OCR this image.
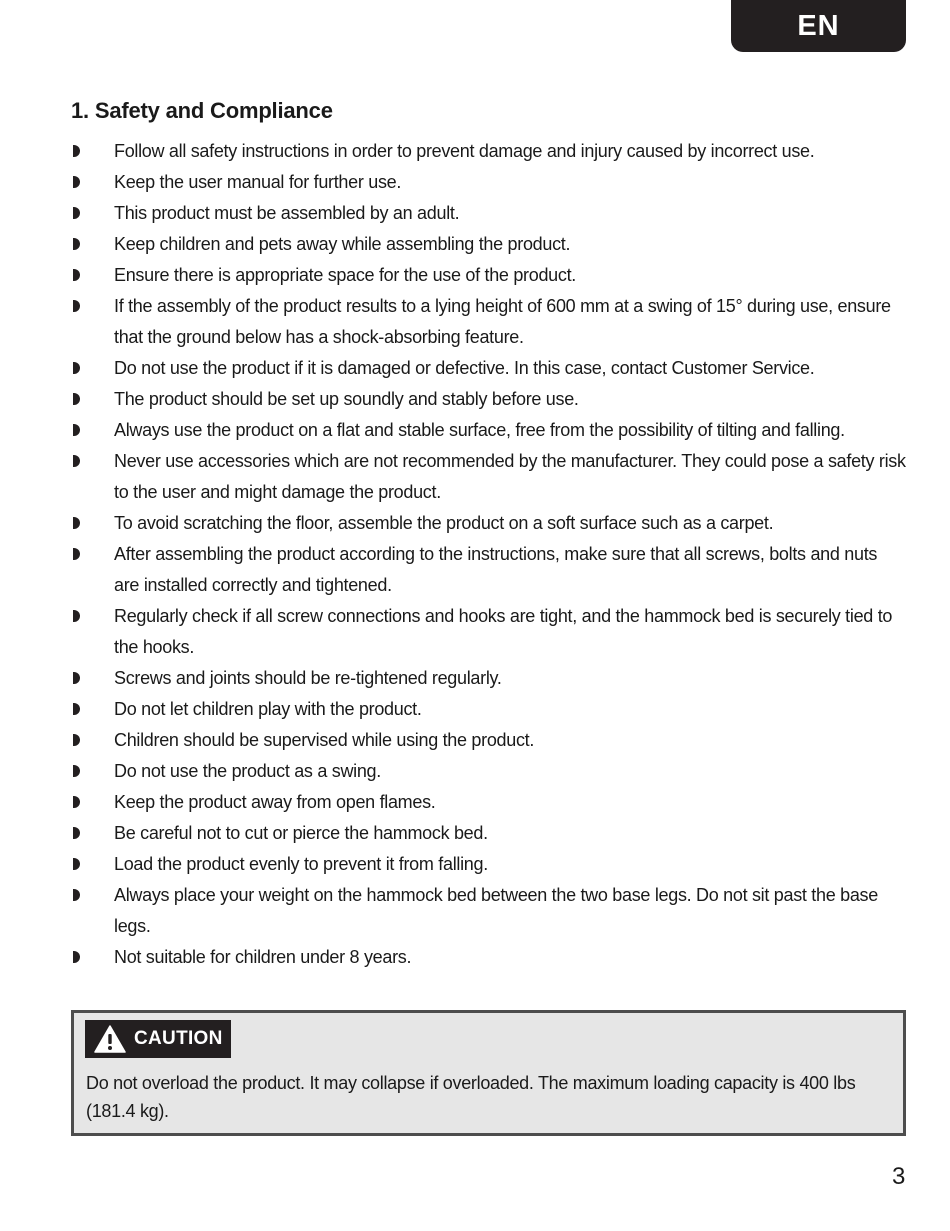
EN
1. Safety and Compliance
Follow all safety instructions in order to prevent damage and injury caused by incorrect use.
Keep the user manual for further use.
This product must be assembled by an adult.
Keep children and pets away while assembling the product.
Ensure there is appropriate space for the use of the product.
If the assembly of the product results to a lying height of 600 mm at a swing of 15° during use, ensure that the ground below has a shock-absorbing feature.
Do not use the product if it is damaged or defective. In this case, contact Customer Service.
The product should be set up soundly and stably before use.
Always use the product on a flat and stable surface, free from the possibility of tilting and falling.
Never use accessories which are not recommended by the manufacturer. They could pose a safety risk to the user and might damage the product.
To avoid scratching the floor, assemble the product on a soft surface such as a carpet.
After assembling the product according to the instructions, make sure that all screws, bolts and nuts are installed correctly and tightened.
Regularly check if all screw connections and hooks are tight, and the hammock bed is securely tied to the hooks.
Screws and joints should be re-tightened regularly.
Do not let children play with the product.
Children should be supervised while using the product.
Do not use the product as a swing.
Keep the product away from open flames.
Be careful not to cut or pierce the hammock bed.
Load the product evenly to prevent it from falling.
Always place your weight on the hammock bed between the two base legs. Do not sit past the base legs.
Not suitable for children under 8 years.
CAUTION

Do not overload the product. It may collapse if overloaded. The maximum loading capacity is 400 lbs (181.4 kg).

3
